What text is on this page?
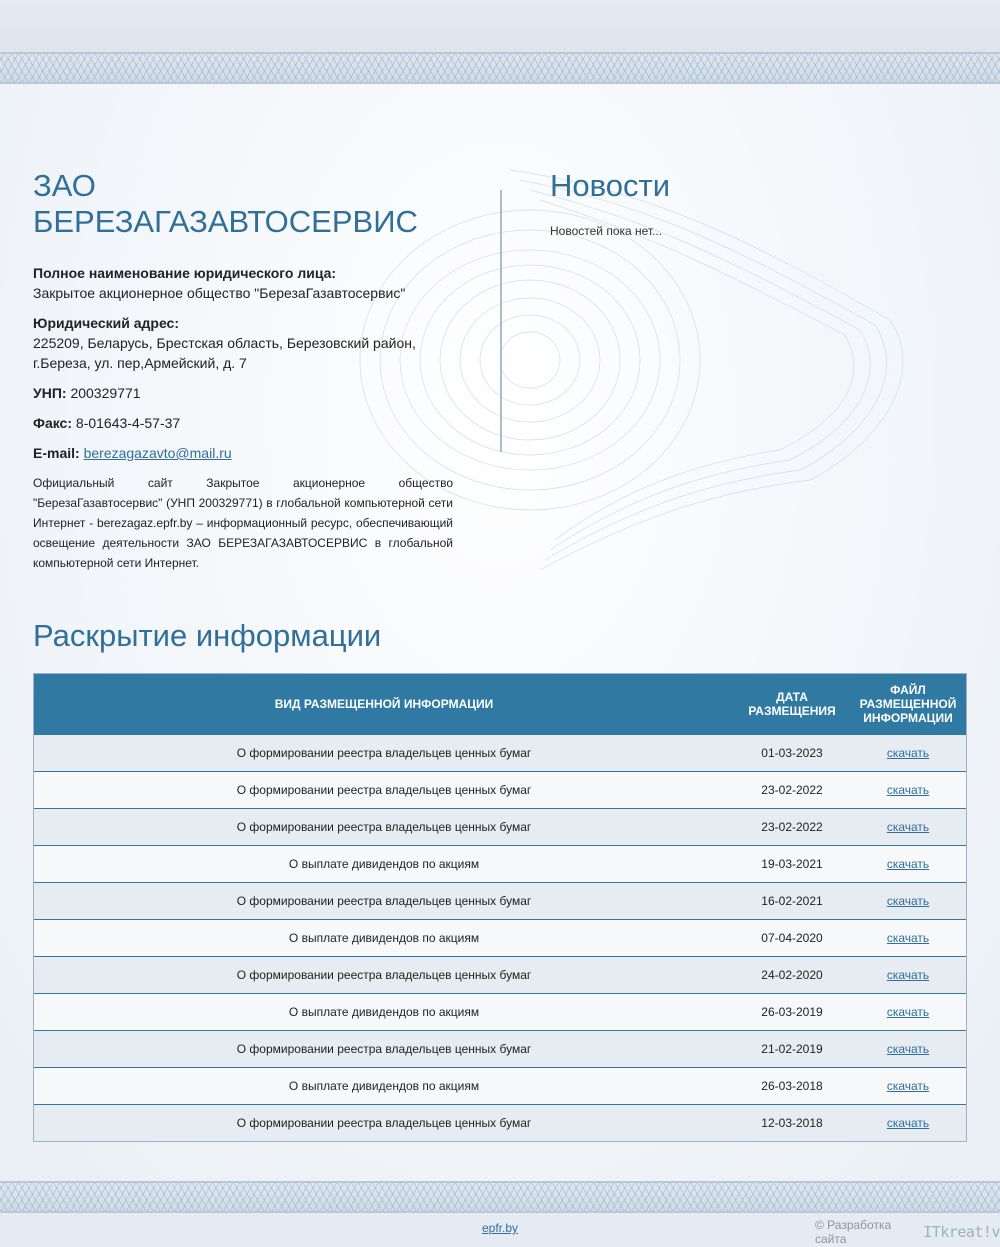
ЗАО БЕРЕЗАГАЗАВТОСЕРВИС
Полное наименование юридического лица:
Закрытое акционерное общество "БерезаГазавтосервис"
Юридический адрес:
225209, Беларусь, Брестская область, Березовский район, г.Береза, ул. пер,Армейский, д. 7
УНП: 200329771
Факс: 8-01643-4-57-37
E-mail: berezagazavto@mail.ru

Официальный сайт Закрытое акционерное общество "БерезаГазавтосервис" (УНП 200329771) в глобальной компьютерной сети Интернет - berezagaz.epfr.by – информационный ресурс, обеспечивающий освещение деятельности ЗАО БЕРЕЗАГАЗАВТОСЕРВИС в глобальной компьютерной сети Интернет.

Новости

Новостей пока нет...

Раскрытие информации
ВИД РАЗМЕЩЕННОЙ ИНФОРМАЦИИ	ДАТА РАЗМЕЩЕНИЯ	ФАЙЛ РАЗМЕЩЕННОЙ ИНФОРМАЦИИ
О формировании реестра владельцев ценных бумаг	01-03-2023	скачать
О формировании реестра владельцев ценных бумаг	23-02-2022	скачать
О формировании реестра владельцев ценных бумаг	23-02-2022	скачать
О выплате дивидендов по акциям	19-03-2021	скачать
О формировании реестра владельцев ценных бумаг	16-02-2021	скачать
О выплате дивидендов по акциям	07-04-2020	скачать
О формировании реестра владельцев ценных бумаг	24-02-2020	скачать
О выплате дивидендов по акциям	26-03-2019	скачать
О формировании реестра владельцев ценных бумаг	21-02-2019	скачать
О выплате дивидендов по акциям	26-03-2018	скачать
О формировании реестра владельцев ценных бумаг	12-03-2018	скачать
epfr.by	© Разработка сайта	ITkreat!v
